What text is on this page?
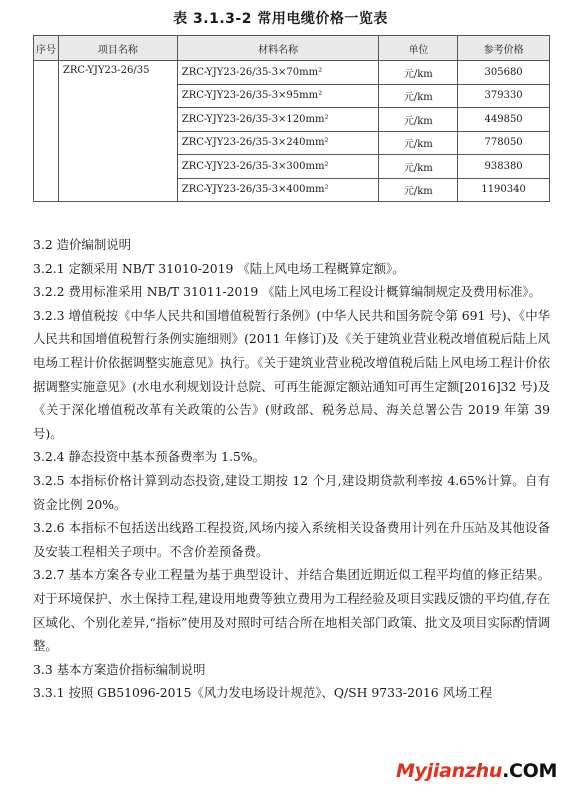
表 3.1.3-2 常用电缆价格一览表
序号	项目名称	材料名称	单位	参考价格
	ZRC-YJY23-26/35	ZRC-YJY23-26/35-3×70mm²	元/km	305680
		ZRC-YJY23-26/35-3×95mm²	元/km	379330
		ZRC-YJY23-26/35-3×120mm²	元/km	449850
		ZRC-YJY23-26/35-3×240mm²	元/km	778050
		ZRC-YJY23-26/35-3×300mm²	元/km	938380
		ZRC-YJY23-26/35-3×400mm²	元/km	1190340

3.2 造价编制说明

3.2.1 定额采用 NB/T 31010-2019 《陆上风电场工程概算定额》。

3.2.2 费用标准采用 NB/T 31011-2019 《陆上风电场工程设计概算编制规定及费用标准》。

3.2.3 增值税按《中华人民共和国增值税暂行条例》(中华人民共和国务院令第 691 号)、《中华人民共和国增值税暂行条例实施细则》(2011 年修订)及《关于建筑业营业税改增值税后陆上风电场工程计价依据调整实施意见》执行。《关于建筑业营业税改增值税后陆上风电场工程计价依据调整实施意见》(水电水利规划设计总院、可再生能源定额站通知可再生定额[2016]32 号)及《关于深化增值税改革有关政策的公告》(财政部、税务总局、海关总署公告 2019 年第 39 号)。

3.2.4 静态投资中基本预备费率为 1.5%。

3.2.5 本指标价格计算到动态投资,建设工期按 12 个月,建设期贷款利率按 4.65%计算。自有资金比例 20%。

3.2.6 本指标不包括送出线路工程投资,风场内接入系统相关设备费用计列在升压站及其他设备及安装工程相关子项中。不含价差预备费。

3.2.7 基本方案各专业工程量为基于典型设计、并结合集团近期近似工程平均值的修正结果。对于环境保护、水土保持工程,建设用地费等独立费用为工程经验及项目实践反馈的平均值,存在区域化、个别化差异,“指标”使用及对照时可结合所在地相关部门政策、批文及项目实际酌情调整。

3.3 基本方案造价指标编制说明

3.3.1 按照 GB51096-2015《风力发电场设计规范》、Q/SH 9733-2016 风场工程

Myjianzhu.COM
